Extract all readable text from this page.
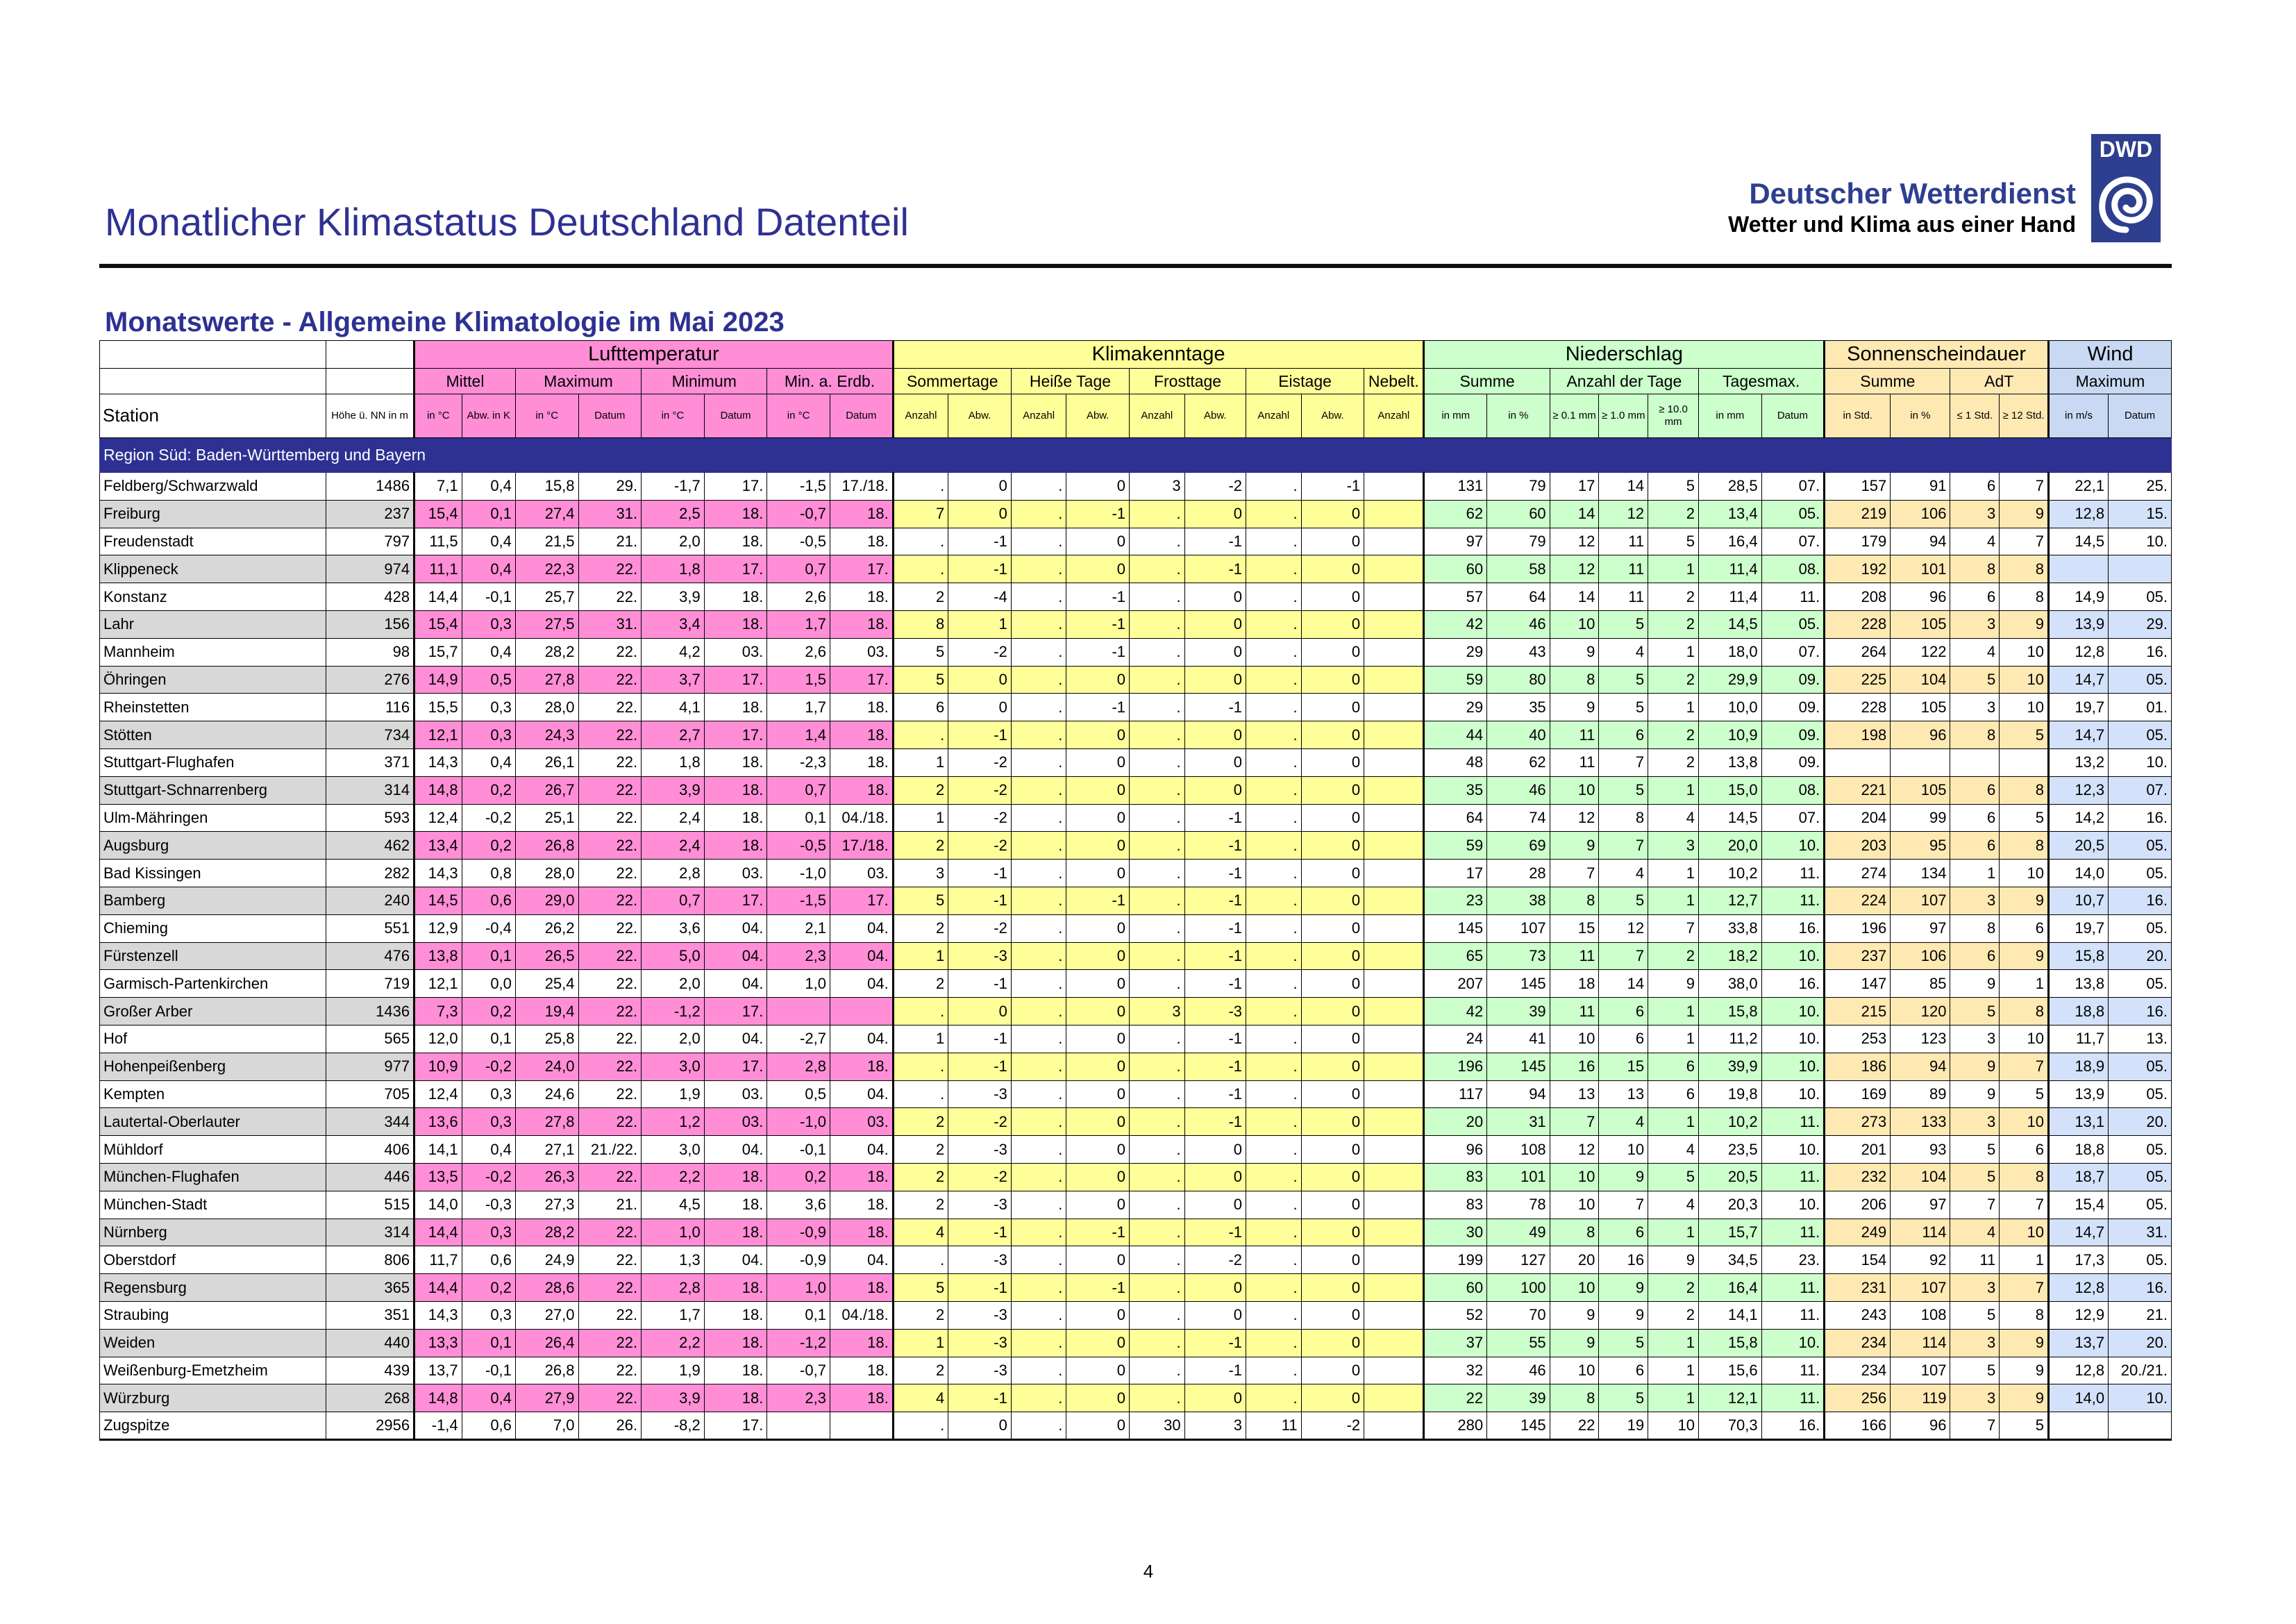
Monatlicher Klimastatus Deutschland Datenteil
Deutscher Wetterdienst
Wetter und Klima aus einer Hand
DWD
Monatswerte - Allgemeine Klimatologie im Mai 2023
		Lufttemperatur								Klimakenntage									Niederschlag							Sonnenscheindauer				Wind	
		Mittel		Maximum		Minimum		Min. a. Erdb.		Sommertage		Heiße Tage		Frosttage		Eistage		Nebelt.	Summe		Anzahl der Tage			Tagesmax.		Summe		AdT		Maximum	
Station	Höhe ü. NN in m	in °C	Abw. in K	in °C	Datum	in °C	Datum	in °C	Datum	Anzahl	Abw.	Anzahl	Abw.	Anzahl	Abw.	Anzahl	Abw.	Anzahl	in mm	in %	≥ 0.1 mm	≥ 1.0 mm	≥ 10.0 mm	in mm	Datum	in Std.	in %	≤ 1 Std.	≥ 12 Std.	in m/s	Datum
Region Süd: Baden-Württemberg und Bayern																															
Feldberg/Schwarzwald	1486	7,1	0,4	15,8	29.	-1,7	17.	-1,5	17./18.	.	0	.	0	3	-2	.	-1		131	79	17	14	5	28,5	07.	157	91	6	7	22,1	25.
Freiburg	237	15,4	0,1	27,4	31.	2,5	18.	-0,7	18.	7	0	.	-1	.	0	.	0		62	60	14	12	2	13,4	05.	219	106	3	9	12,8	15.
Freudenstadt	797	11,5	0,4	21,5	21.	2,0	18.	-0,5	18.	.	-1	.	0	.	-1	.	0		97	79	12	11	5	16,4	07.	179	94	4	7	14,5	10.
Klippeneck	974	11,1	0,4	22,3	22.	1,8	17.	0,7	17.	.	-1	.	0	.	-1	.	0		60	58	12	11	1	11,4	08.	192	101	8	8		
Konstanz	428	14,4	-0,1	25,7	22.	3,9	18.	2,6	18.	2	-4	.	-1	.	0	.	0		57	64	14	11	2	11,4	11.	208	96	6	8	14,9	05.
Lahr	156	15,4	0,3	27,5	31.	3,4	18.	1,7	18.	8	1	.	-1	.	0	.	0		42	46	10	5	2	14,5	05.	228	105	3	9	13,9	29.
Mannheim	98	15,7	0,4	28,2	22.	4,2	03.	2,6	03.	5	-2	.	-1	.	0	.	0		29	43	9	4	1	18,0	07.	264	122	4	10	12,8	16.
Öhringen	276	14,9	0,5	27,8	22.	3,7	17.	1,5	17.	5	0	.	0	.	0	.	0		59	80	8	5	2	29,9	09.	225	104	5	10	14,7	05.
Rheinstetten	116	15,5	0,3	28,0	22.	4,1	18.	1,7	18.	6	0	.	-1	.	-1	.	0		29	35	9	5	1	10,0	09.	228	105	3	10	19,7	01.
Stötten	734	12,1	0,3	24,3	22.	2,7	17.	1,4	18.	.	-1	.	0	.	0	.	0		44	40	11	6	2	10,9	09.	198	96	8	5	14,7	05.
Stuttgart-Flughafen	371	14,3	0,4	26,1	22.	1,8	18.	-2,3	18.	1	-2	.	0	.	0	.	0		48	62	11	7	2	13,8	09.					13,2	10.
Stuttgart-Schnarrenberg	314	14,8	0,2	26,7	22.	3,9	18.	0,7	18.	2	-2	.	0	.	0	.	0		35	46	10	5	1	15,0	08.	221	105	6	8	12,3	07.
Ulm-Mähringen	593	12,4	-0,2	25,1	22.	2,4	18.	0,1	04./18.	1	-2	.	0	.	-1	.	0		64	74	12	8	4	14,5	07.	204	99	6	5	14,2	16.
Augsburg	462	13,4	0,2	26,8	22.	2,4	18.	-0,5	17./18.	2	-2	.	0	.	-1	.	0		59	69	9	7	3	20,0	10.	203	95	6	8	20,5	05.
Bad Kissingen	282	14,3	0,8	28,0	22.	2,8	03.	-1,0	03.	3	-1	.	0	.	-1	.	0		17	28	7	4	1	10,2	11.	274	134	1	10	14,0	05.
Bamberg	240	14,5	0,6	29,0	22.	0,7	17.	-1,5	17.	5	-1	.	-1	.	-1	.	0		23	38	8	5	1	12,7	11.	224	107	3	9	10,7	16.
Chieming	551	12,9	-0,4	26,2	22.	3,6	04.	2,1	04.	2	-2	.	0	.	-1	.	0		145	107	15	12	7	33,8	16.	196	97	8	6	19,7	05.
Fürstenzell	476	13,8	0,1	26,5	22.	5,0	04.	2,3	04.	1	-3	.	0	.	-1	.	0		65	73	11	7	2	18,2	10.	237	106	6	9	15,8	20.
Garmisch-Partenkirchen	719	12,1	0,0	25,4	22.	2,0	04.	1,0	04.	2	-1	.	0	.	-1	.	0		207	145	18	14	9	38,0	16.	147	85	9	1	13,8	05.
Großer Arber	1436	7,3	0,2	19,4	22.	-1,2	17.			.	0	.	0	3	-3	.	0		42	39	11	6	1	15,8	10.	215	120	5	8	18,8	16.
Hof	565	12,0	0,1	25,8	22.	2,0	04.	-2,7	04.	1	-1	.	0	.	-1	.	0		24	41	10	6	1	11,2	10.	253	123	3	10	11,7	13.
Hohenpeißenberg	977	10,9	-0,2	24,0	22.	3,0	17.	2,8	18.	.	-1	.	0	.	-1	.	0		196	145	16	15	6	39,9	10.	186	94	9	7	18,9	05.
Kempten	705	12,4	0,3	24,6	22.	1,9	03.	0,5	04.	.	-3	.	0	.	-1	.	0		117	94	13	13	6	19,8	10.	169	89	9	5	13,9	05.
Lautertal-Oberlauter	344	13,6	0,3	27,8	22.	1,2	03.	-1,0	03.	2	-2	.	0	.	-1	.	0		20	31	7	4	1	10,2	11.	273	133	3	10	13,1	20.
Mühldorf	406	14,1	0,4	27,1	21./22.	3,0	04.	-0,1	04.	2	-3	.	0	.	0	.	0		96	108	12	10	4	23,5	10.	201	93	5	6	18,8	05.
München-Flughafen	446	13,5	-0,2	26,3	22.	2,2	18.	0,2	18.	2	-2	.	0	.	0	.	0		83	101	10	9	5	20,5	11.	232	104	5	8	18,7	05.
München-Stadt	515	14,0	-0,3	27,3	21.	4,5	18.	3,6	18.	2	-3	.	0	.	0	.	0		83	78	10	7	4	20,3	10.	206	97	7	7	15,4	05.
Nürnberg	314	14,4	0,3	28,2	22.	1,0	18.	-0,9	18.	4	-1	.	-1	.	-1	.	0		30	49	8	6	1	15,7	11.	249	114	4	10	14,7	31.
Oberstdorf	806	11,7	0,6	24,9	22.	1,3	04.	-0,9	04.	.	-3	.	0	.	-2	.	0		199	127	20	16	9	34,5	23.	154	92	11	1	17,3	05.
Regensburg	365	14,4	0,2	28,6	22.	2,8	18.	1,0	18.	5	-1	.	-1	.	0	.	0		60	100	10	9	2	16,4	11.	231	107	3	7	12,8	16.
Straubing	351	14,3	0,3	27,0	22.	1,7	18.	0,1	04./18.	2	-3	.	0	.	0	.	0		52	70	9	9	2	14,1	11.	243	108	5	8	12,9	21.
Weiden	440	13,3	0,1	26,4	22.	2,2	18.	-1,2	18.	1	-3	.	0	.	-1	.	0		37	55	9	5	1	15,8	10.	234	114	3	9	13,7	20.
Weißenburg-Emetzheim	439	13,7	-0,1	26,8	22.	1,9	18.	-0,7	18.	2	-3	.	0	.	-1	.	0		32	46	10	6	1	15,6	11.	234	107	5	9	12,8	20./21.
Würzburg	268	14,8	0,4	27,9	22.	3,9	18.	2,3	18.	4	-1	.	0	.	0	.	0		22	39	8	5	1	12,1	11.	256	119	3	9	14,0	10.
Zugspitze	2956	-1,4	0,6	7,0	26.	-8,2	17.			.	0	.	0	30	3	11	-2		280	145	22	19	10	70,3	16.	166	96	7	5		
4
